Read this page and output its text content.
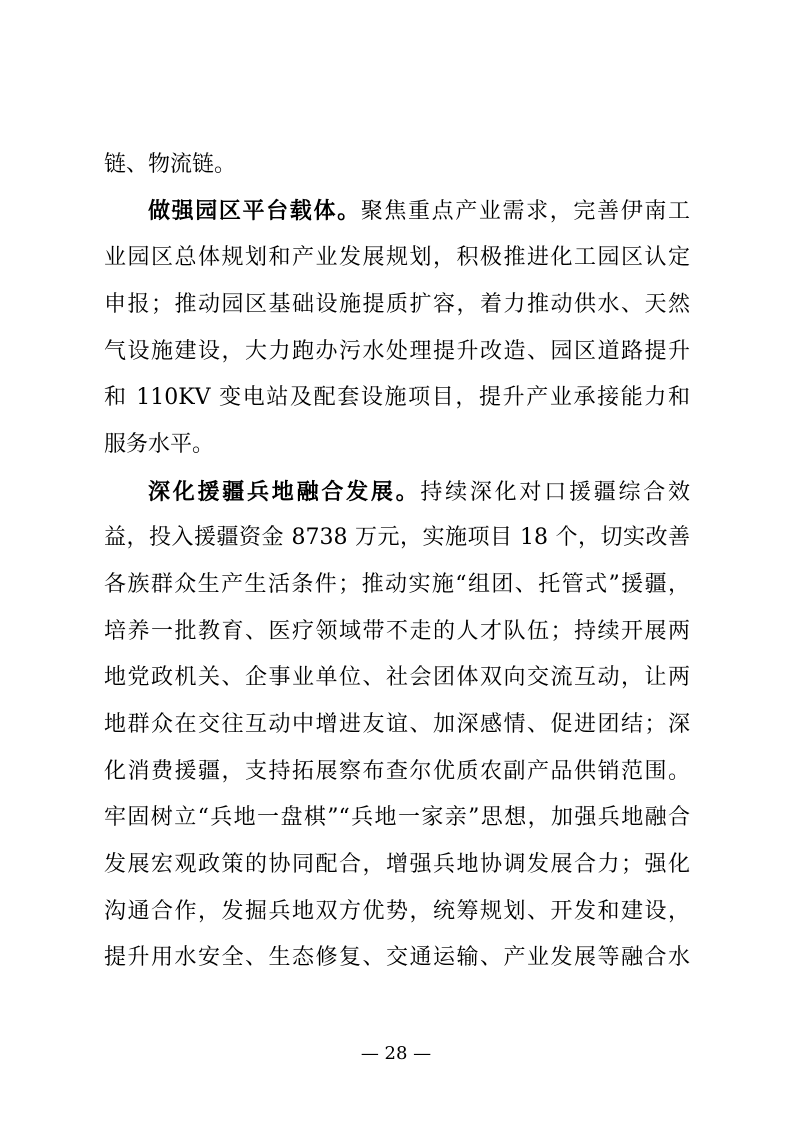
链、物流链。
做强园区平台载体。聚焦重点产业需求，完善伊南工
业园区总体规划和产业发展规划，积极推进化工园区认定
申报；推动园区基础设施提质扩容，着力推动供水、天然
气设施建设，大力跑办污水处理提升改造、园区道路提升
和 110KV 变电站及配套设施项目，提升产业承接能力和
服务水平。
深化援疆兵地融合发展。持续深化对口援疆综合效
益，投入援疆资金 8738 万元，实施项目 18 个，切实改善
各族群众生产生活条件；推动实施“组团、托管式”援疆，
培养一批教育、医疗领域带不走的人才队伍；持续开展两
地党政机关、企事业单位、社会团体双向交流互动，让两
地群众在交往互动中增进友谊、加深感情、促进团结；深
化消费援疆，支持拓展察布查尔优质农副产品供销范围。
牢固树立“兵地一盘棋”“兵地一家亲”思想，加强兵地融合
发展宏观政策的协同配合，增强兵地协调发展合力；强化
沟通合作，发掘兵地双方优势，统筹规划、开发和建设，
提升用水安全、生态修复、交通运输、产业发展等融合水
— 28 —
